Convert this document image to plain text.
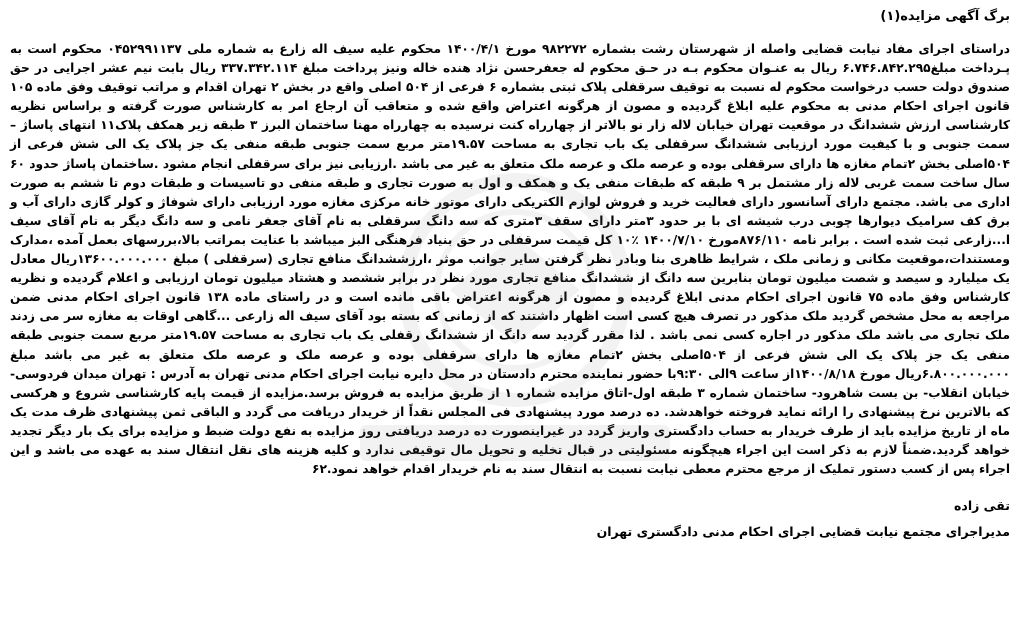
برگ آگهی مزایده(۱)

دراستای اجرای مفاد نیابت قضایی واصله از شهرستان رشت بشماره ۹۸۲۲۷۲ مورخ ۱۴۰۰/۴/۱ محکوم علیه سیف اله زارع به شماره ملی ۰۴۵۲۹۹۱۱۳۷ محکوم است به پـرداخت مبلغ۶.۷۴۶.۸۴۲.۲۹۵ ریال به عنـوان محکوم بـه در حـق محکوم له جعفرحسن نژاد هنده خاله ونیز پرداخت مبلغ ۳۳۷.۳۴۲.۱۱۴ ریال بابت نیم عشر اجرایی در حق صندوق دولت حسب درخواست محکوم له نسبت به توقیف سرقفلی پلاک ثبتی بشماره ۶ فرعی از ۵۰۴ اصلی واقع در بخش ۲ تهران اقدام و مراتب توقیف وفق ماده ۱۰۵ قانون اجرای احکام مدنی به محکوم علیه ابلاغ گردیده و مصون از هرگونه اعتراض واقع شده و متعاقب آن ارجاع امر به کارشناس صورت گرفته و براساس نظریه کارشناسی ارزش ششدانگ در موقعیت تهران خیابان لاله زار نو بالاتر از چهارراه کنت نرسیده به چهارراه مهنا ساختمان البرز ۳ طبقه زیر همکف پلاک۱۱ انتهای پاساژ – سمت جنوبی و با کیفیت مورد ارزیابی ششدانگ سرقفلی یک باب تجاری به مساحت ۱۹.۵۷متر مربع سمت جنوبی طبقه منفی یک جز پلاک یک الی شش فرعی از ۵۰۴اصلی بخش ۲تمام مغازه ها دارای سرقفلی بوده و عرصه ملک و عرصه ملک متعلق به غیر می باشد .ارزیابی نیز برای سرقفلی انجام مشود .ساختمان پاساژ حدود ۶۰ سال ساخت سمت غربی لاله زار مشتمل بر ۹ طبقه که طبقات منفی یک و همکف و اول به صورت تجاری و طبقه منفی دو تاسیسات و طبقات دوم تا ششم به صورت اداری می باشد. مجتمع دارای آسانسور دارای فعالیت خرید و فروش لوازم الکتریکی دارای موتور خانه مرکزی مغازه مورد ارزیابی دارای شوفاژ و کولر گازی دارای آب و برق کف سرامیک دیوارها چوبی درب شیشه ای با بر حدود ۳متر دارای سقف ۳متری که سه دانگ سرقفلی به نام آقای جعفر نامی و سه دانگ دیگر به نام آقای سیف ا...زارعی ثبت شده است . برابر نامه ۸۷۶/۱۱۰مورخ ۱۴۰۰/۷/۱۰ ٪۱۰ کل قیمت سرقفلی در حق بنیاد فرهنگی البز میباشد با عنایت بمراتب بالا،بررسهای بعمل آمده ،مدارک ومستندات،موقعیت مکانی و زمانی ملک ، شرایط ظاهری بنا وبادر نظر گرفتن سایر جوانب موثر ،ارزششدانگ منافع تجاری (سرقفلی ) مبلغ ۱۳۶۰۰.۰۰۰.۰۰۰ریال معادل یک میلیارد و سیصد و شصت میلیون تومان بنابرین سه دانگ از ششدانگ منافع تجاری مورد نظر در برابر ششصد و هشتاد میلیون تومان ارزیابی و اعلام گردیده و نظریه کارشناس وفق ماده ۷۵ قانون اجرای احکام مدنی ابلاغ گردیده و مصون از هرگونه اعتراض باقی مانده است و در راستای ماده ۱۳۸ قانون اجرای احکام مدنی ضمن مراجعه به محل مشخص گردید ملک مذکور در تصرف هیچ کسی است اظهار داشتند که از زمانی که بسته بود آقای سیف اله زارعی ...گاهی اوقات به مغازه سر می زدند ملک تجاری می باشد ملک مذکور در اجاره کسی نمی باشد . لذا مقرر گردید سه دانگ از ششدانگ رقفلی یک باب تجاری به مساحت ۱۹.۵۷متر مربع سمت جنوبی طبقه منفی یک جز پلاک یک الی شش فرعی از ۵۰۴اصلی بخش ۲تمام مغازه ها دارای سرقفلی بوده و عرصه ملک و عرصه ملک متعلق به غیر می باشد مبلغ ۶.۸۰۰.۰۰۰.۰۰۰ریال مورخ ۱۴۰۰/۸/۱۸از ساعت ۹الی ۹:۳۰با حضور نماینده محترم دادستان در محل دایره نیابت اجرای احکام مدنی تهران به آدرس : تهران میدان فردوسی- خیابان انقلاب- بن بست شاهرود- ساختمان شماره ۳ طبقه اول-اتاق مزایده شماره ۱ از طریق مزایده به فروش برسد.مزایده از قیمت پایه کارشناسی شروع و هرکسی که بالاترین نرخ پیشنهادی را ارائه نماید فروخته خواهدشد. ده درصد مورد پیشنهادی فی المجلس نقداً از خریدار دریافت می گردد و الباقی ثمن پیشنهادی ظرف مدت یک ماه از تاریخ مزایده باید از طرف خریدار به حساب دادگستری واریز گردد در غیراینصورت ده درصد دریافتی روز مزایده به نفع دولت ضبط و مزایده برای یک بار دیگر تجدید خواهد گردید.ضمناً لازم به ذکر است این اجراء هیچگونه مسئولیتی در قبال تخلیه و تحویل مال توقیفی ندارد و کلیه هزینه های نقل انتقال سند به عهده می باشد و این اجراء پس از کسب دستور تملیک از مرجع محترم معطی نیابت نسبت به انتقال سند به نام خریدار اقدام خواهد نمود.۶۲

تقی زاده
مدیراجرای مجتمع نیابت قضایی اجرای احکام مدنی دادگستری تهران
